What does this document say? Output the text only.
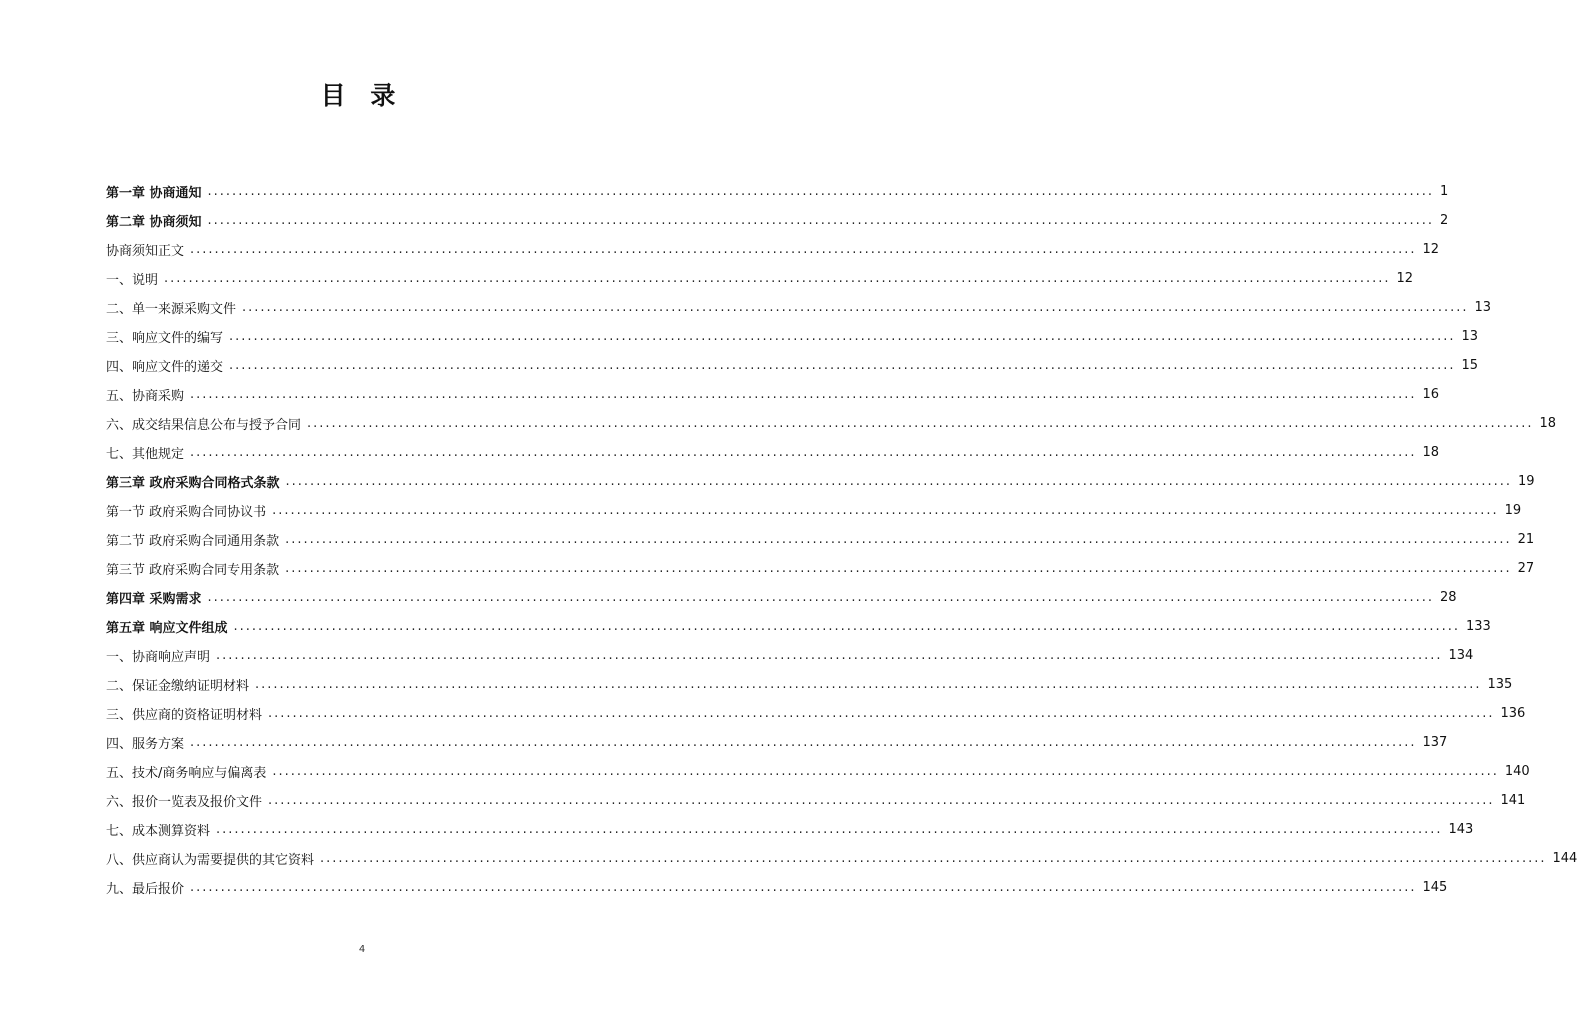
目 录
第一章 协商通知 ........................................................................................................................................................................................................ 1
第二章 协商须知 ........................................................................................................................................................................................................ 2
协商须知正文 ........................................................................................................................................................................................................ 12
一、说明 ........................................................................................................................................................................................................ 12
二、单一来源采购文件 ........................................................................................................................................................................................................ 13
三、响应文件的编写 ........................................................................................................................................................................................................ 13
四、响应文件的递交 ........................................................................................................................................................................................................ 15
五、协商采购 ........................................................................................................................................................................................................ 16
六、成交结果信息公布与授予合同 ........................................................................................................................................................................................................ 18
七、其他规定 ........................................................................................................................................................................................................ 18
第三章 政府采购合同格式条款 ........................................................................................................................................................................................................ 19
第一节 政府采购合同协议书 ........................................................................................................................................................................................................ 19
第二节 政府采购合同通用条款 ........................................................................................................................................................................................................ 21
第三节 政府采购合同专用条款 ........................................................................................................................................................................................................ 27
第四章 采购需求 ........................................................................................................................................................................................................ 28
第五章 响应文件组成 ........................................................................................................................................................................................................ 133
一、协商响应声明 ........................................................................................................................................................................................................ 134
二、保证金缴纳证明材料 ........................................................................................................................................................................................................ 135
三、供应商的资格证明材料 ........................................................................................................................................................................................................ 136
四、服务方案 ........................................................................................................................................................................................................ 137
五、技术/商务响应与偏离表 ........................................................................................................................................................................................................ 140
六、报价一览表及报价文件 ........................................................................................................................................................................................................ 141
七、成本测算资料 ........................................................................................................................................................................................................ 143
八、供应商认为需要提供的其它资料 ........................................................................................................................................................................................................ 144
九、最后报价 ........................................................................................................................................................................................................ 145
4
